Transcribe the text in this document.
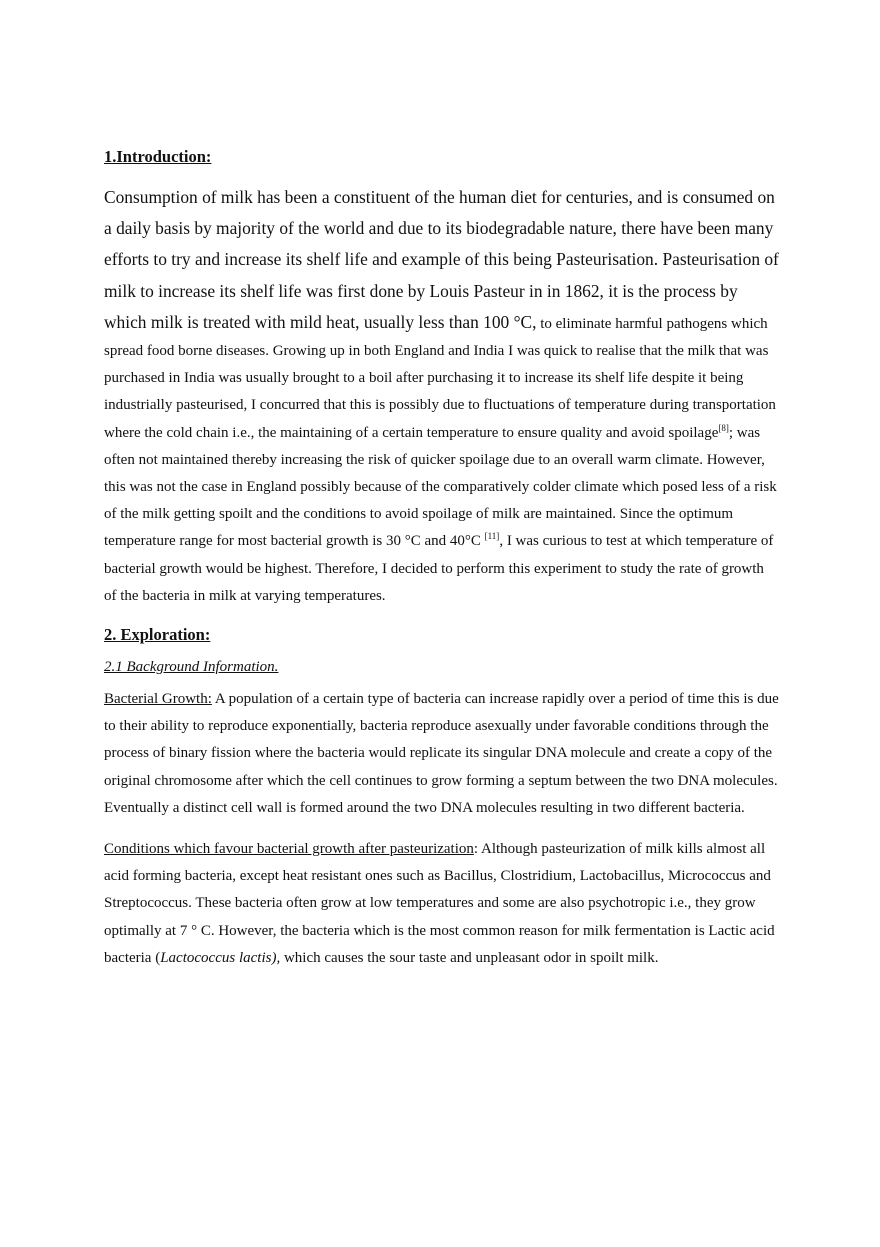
1.Introduction:

Consumption of milk has been a constituent of the human diet for centuries, and is consumed on a daily basis by majority of the world and due to its biodegradable nature, there have been many efforts to try and increase its shelf life and example of this being Pasteurisation. Pasteurisation of milk to increase its shelf life was first done by Louis Pasteur in in 1862, it is the process by which milk is treated with mild heat, usually less than 100 °C, to eliminate harmful pathogens which spread food borne diseases. Growing up in both England and India I was quick to realise that the milk that was purchased in India was usually brought to a boil after purchasing it to increase its shelf life despite it being industrially pasteurised, I concurred that this is possibly due to fluctuations of temperature during transportation where the cold chain i.e., the maintaining of a certain temperature to ensure quality and avoid spoilage[8]; was often not maintained thereby increasing the risk of quicker spoilage due to an overall warm climate. However, this was not the case in England possibly because of the comparatively colder climate which posed less of a risk of the milk getting spoilt and the conditions to avoid spoilage of milk are maintained. Since the optimum temperature range for most bacterial growth is 30 °C and 40°C [11], I was curious to test at which temperature of bacterial growth would be highest. Therefore, I decided to perform this experiment to study the rate of growth of the bacteria in milk at varying temperatures.

2. Exploration:
2.1 Background Information.

Bacterial Growth: A population of a certain type of bacteria can increase rapidly over a period of time this is due to their ability to reproduce exponentially, bacteria reproduce asexually under favorable conditions through the process of binary fission where the bacteria would replicate its singular DNA molecule and create a copy of the original chromosome after which the cell continues to grow forming a septum between the two DNA molecules. Eventually a distinct cell wall is formed around the two DNA molecules resulting in two different bacteria.

Conditions which favour bacterial growth after pasteurization: Although pasteurization of milk kills almost all acid forming bacteria, except heat resistant ones such as Bacillus, Clostridium, Lactobacillus, Micrococcus and Streptococcus. These bacteria often grow at low temperatures and some are also psychotropic i.e., they grow optimally at 7 ° C. However, the bacteria which is the most common reason for milk fermentation is Lactic acid bacteria (Lactococcus lactis), which causes the sour taste and unpleasant odor in spoilt milk.
